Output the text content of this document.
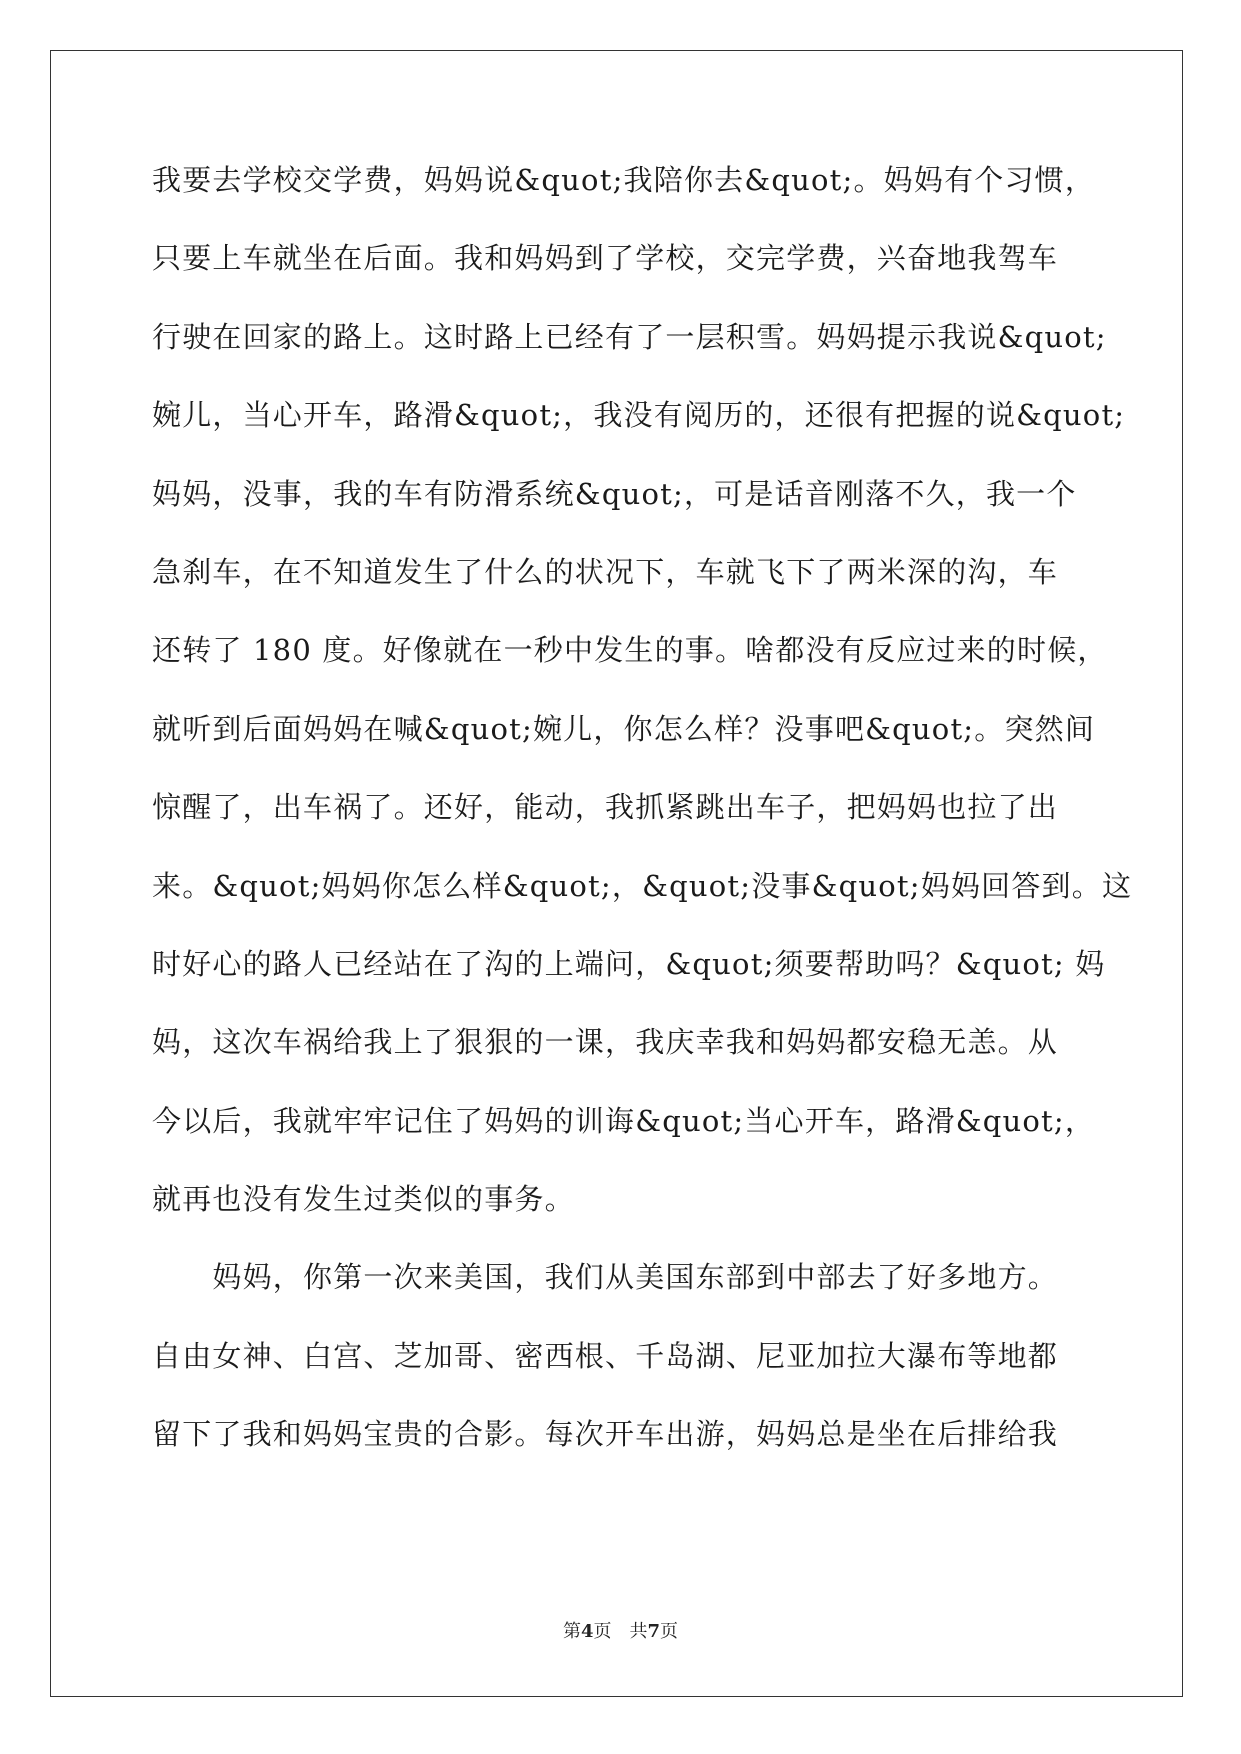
我要去学校交学费，妈妈说&quot;我陪你去&quot;。妈妈有个习惯，
只要上车就坐在后面。我和妈妈到了学校，交完学费，兴奋地我驾车
行驶在回家的路上。这时路上已经有了一层积雪。妈妈提示我说&quot;
婉儿，当心开车，路滑&quot;，我没有阅历的，还很有把握的说&quot;
妈妈，没事，我的车有防滑系统&quot;，可是话音刚落不久，我一个
急刹车，在不知道发生了什么的状况下，车就飞下了两米深的沟，车
还转了 180 度。好像就在一秒中发生的事。啥都没有反应过来的时候，
就听到后面妈妈在喊&quot;婉儿，你怎么样？没事吧&quot;。突然间
惊醒了，出车祸了。还好，能动，我抓紧跳出车子，把妈妈也拉了出
来。&quot;妈妈你怎么样&quot;，&quot;没事&quot;妈妈回答到。这
时好心的路人已经站在了沟的上端问，&quot;须要帮助吗？&quot; 妈
妈，这次车祸给我上了狠狠的一课，我庆幸我和妈妈都安稳无恙。从
今以后，我就牢牢记住了妈妈的训诲&quot;当心开车，路滑&quot;，
就再也没有发生过类似的事务。
　　妈妈，你第一次来美国，我们从美国东部到中部去了好多地方。
自由女神、白宫、芝加哥、密西根、千岛湖、尼亚加拉大瀑布等地都
留下了我和妈妈宝贵的合影。每次开车出游，妈妈总是坐在后排给我
第4页　共7页
